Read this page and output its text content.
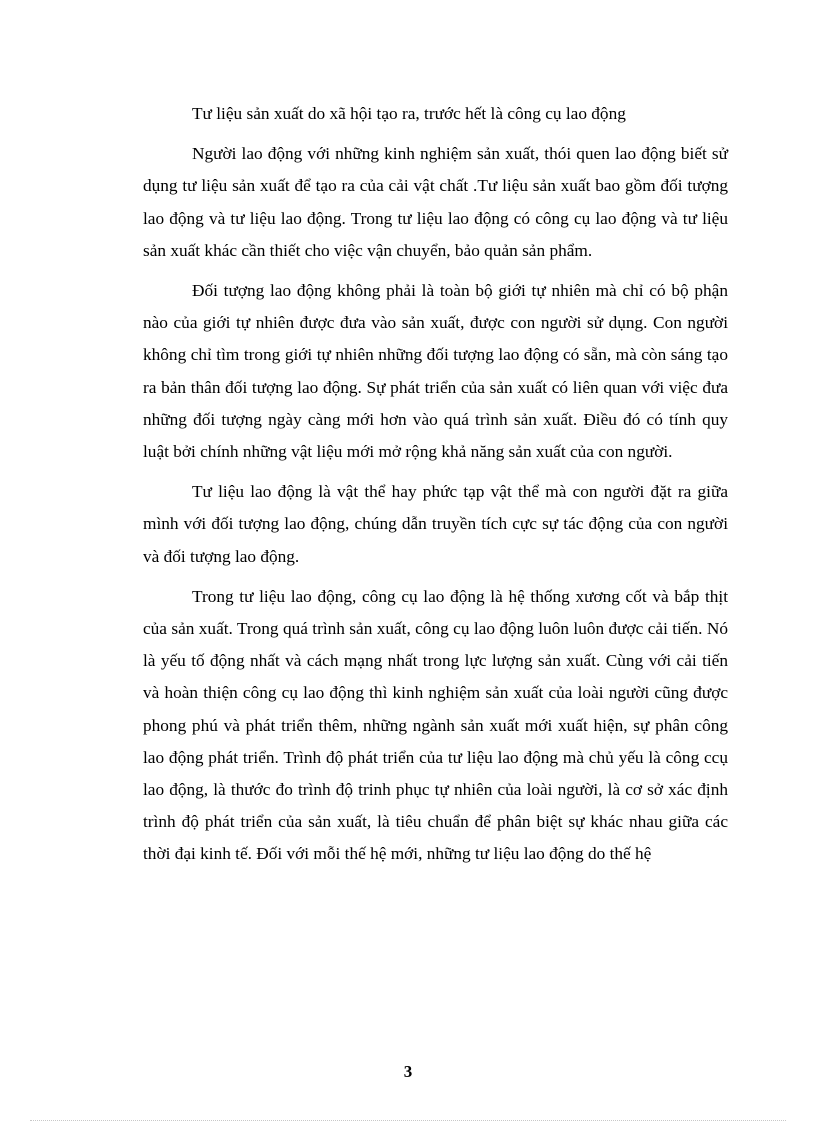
Tư liệu sản xuất do xã hội tạo ra, trước hết là công cụ lao động

Người lao động với những kinh nghiệm sản xuất, thói quen lao động biết sử dụng tư liệu sản xuất để tạo ra của cải vật chất .Tư liệu sản xuất bao gồm đối tượng lao động và tư liệu lao động. Trong tư liệu lao động có công cụ lao động và tư liệu sản xuất khác cần thiết cho việc vận chuyển, bảo quản sản phẩm.

Đối tượng lao động không phải là toàn bộ giới tự nhiên mà chỉ có bộ phận nào của giới tự nhiên được đưa vào sản xuất, được con người sử dụng. Con người không chỉ tìm trong giới tự nhiên những đối tượng lao động có sẵn, mà còn sáng tạo ra bản thân đối tượng lao động. Sự phát triển của sản xuất có liên quan với việc đưa những đối tượng ngày càng mới hơn vào quá trình sản xuất. Điều đó có tính quy luật bởi chính những vật liệu mới mở rộng khả năng sản xuất của con người.

Tư liệu lao động là vật thể hay phức tạp vật thể mà con người đặt ra giữa mình với đối tượng lao động, chúng dẫn truyền tích cực sự tác động của con người và đối tượng lao động.

Trong tư liệu lao động, công cụ lao động là hệ thống xương cốt và bắp thịt của sản xuất. Trong quá trình sản xuất, công cụ lao động luôn luôn được cải tiến. Nó là yếu tố động nhất và cách mạng nhất trong lực lượng sản xuất. Cùng với cải tiến và hoàn thiện công cụ lao động thì kinh nghiệm sản xuất của loài người cũng được phong phú và phát triển thêm, những ngành sản xuất mới xuất hiện, sự phân công lao động phát triển. Trình độ phát triển của tư liệu lao động mà chủ yếu là công ccụ lao động, là thước đo trình độ trinh phục tự nhiên của loài người, là cơ sở xác định trình độ phát triển của sản xuất, là tiêu chuẩn để phân biệt sự khác nhau giữa các thời đại kinh tế. Đối với mỗi thế hệ mới, những tư liệu lao động do thế hệ

3
